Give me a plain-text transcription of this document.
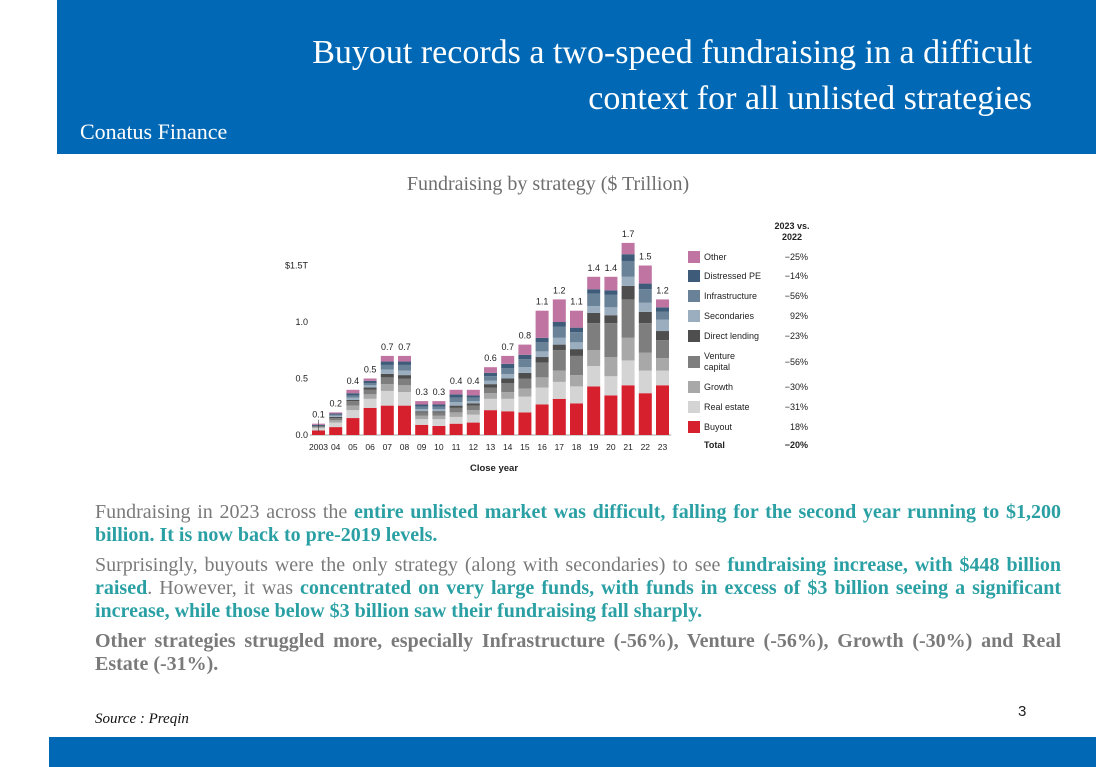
Buyout records a two-speed fundraising in a difficult
context for all unlisted strategies
Conatus Finance
Fundraising by strategy ($ Trillion)
0.0
0.5
1.0
$1.5T
0.1
2003
0.2
04
0.4
05
0.5
06
0.7
07
0.7
08
0.3
09
0.3
10
0.4
11
0.4
12
0.6
13
0.7
14
0.8
15
1.1
16
1.2
17
1.1
18
1.4
19
1.4
20
1.7
21
1.5
22
1.2
23
Close year
2023 vs.
2022
Other	−25%
Distressed PE	−14%
Infrastructure	−56%
Secondaries	92%
Direct lending	−23%
Venture
capital	−56%
Growth	−30%
Real estate	−31%
Buyout	18%
Total	−20%

Fundraising in 2023 across the entire unlisted market was difficult, falling for the second year running to $1,200 billion. It is now back to pre-2019 levels.

Surprisingly, buyouts were the only strategy (along with secondaries) to see fundraising increase, with $448 billion raised. However, it was concentrated on very large funds, with funds in excess of $3 billion seeing a significant increase, while those below $3 billion saw their fundraising fall sharply.

Other strategies struggled more, especially Infrastructure (-56%), Venture (-56%), Growth (-30%) and Real Estate (-31%).

Source : Preqin	3
